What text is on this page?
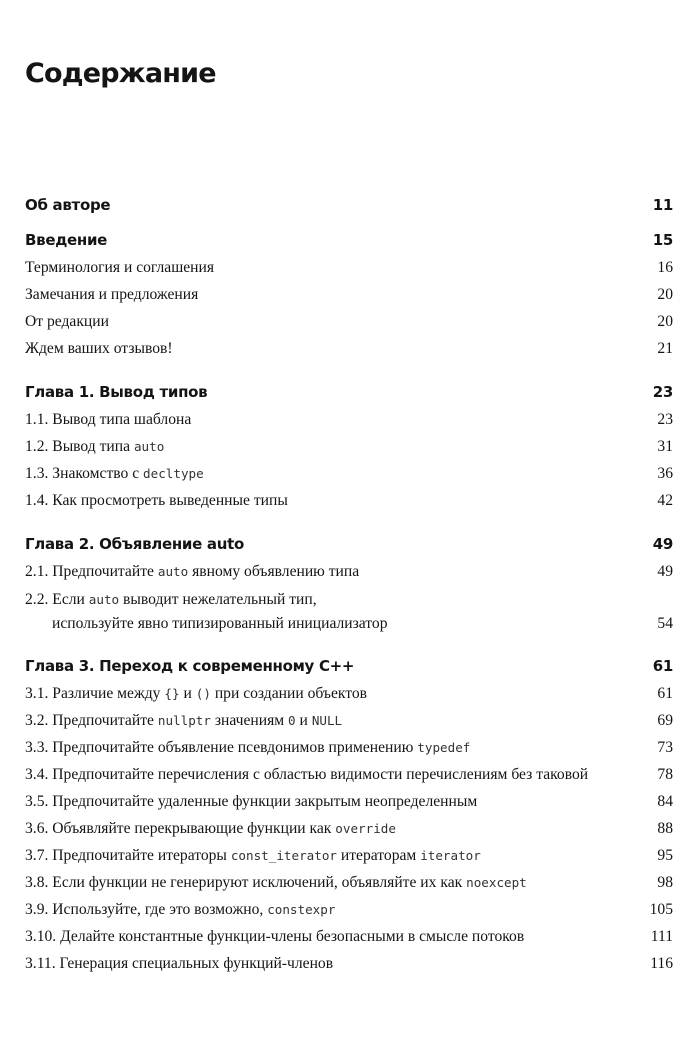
Содержание
Об авторе	11
Введение	15
Терминология и соглашения	16
Замечания и предложения	20
От редакции	20
Ждем ваших отзывов!	21
Глава 1. Вывод типов	23
1.1. Вывод типа шаблона	23
1.2. Вывод типа auto	31
1.3. Знакомство с decltype	36
1.4. Как просмотреть выведенные типы	42
Глава 2. Объявление auto	49
2.1. Предпочитайте auto явному объявлению типа	49
2.2. Если auto выводит нежелательный тип,
используйте явно типизированный инициализатор	54
Глава 3. Переход к современному С++	61
3.1. Различие между {} и () при создании объектов	61
3.2. Предпочитайте nullptr значениям 0 и NULL	69
3.3. Предпочитайте объявление псевдонимов применению typedef	73
3.4. Предпочитайте перечисления с областью видимости перечислениям без таковой	78
3.5. Предпочитайте удаленные функции закрытым неопределенным	84
3.6. Объявляйте перекрывающие функции как override	88
3.7. Предпочитайте итераторы const_iterator итераторам iterator	95
3.8. Если функции не генерируют исключений, объявляйте их как noexcept	98
3.9. Используйте, где это возможно, constexpr	105
3.10. Делайте константные функции-члены безопасными в смысле потоков	111
3.11. Генерация специальных функций-членов	116
